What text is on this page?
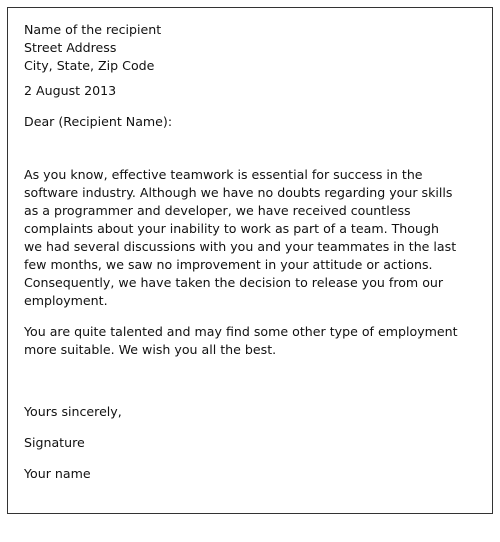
Name of the recipient
Street Address
City, State, Zip Code
2 August 2013
Dear (Recipient Name):
As you know, effective teamwork is essential for success in the
software industry. Although we have no doubts regarding your skills
as a programmer and developer, we have received countless
complaints about your inability to work as part of a team. Though
we had several discussions with you and your teammates in the last
few months, we saw no improvement in your attitude or actions.
Consequently, we have taken the decision to release you from our
employment.
You are quite talented and may find some other type of employment
more suitable. We wish you all the best.
Yours sincerely,
Signature
Your name
